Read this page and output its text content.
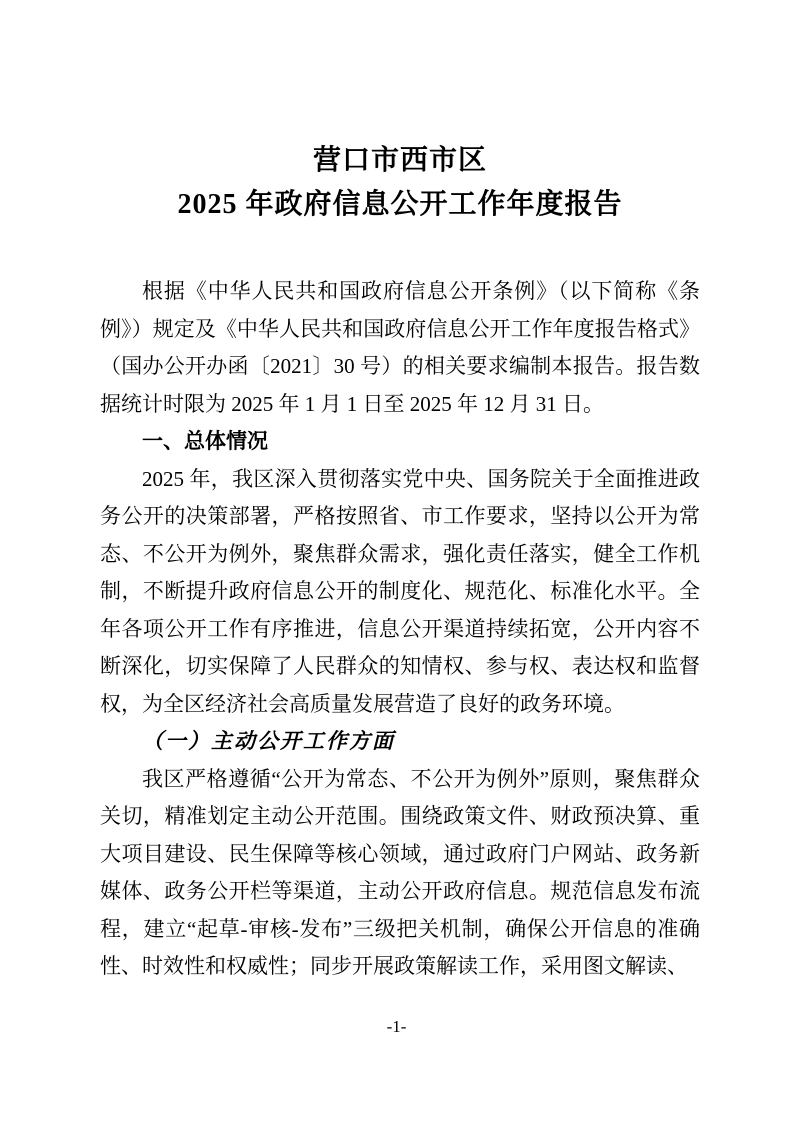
营口市西市区
2025 年政府信息公开工作年度报告

根据《中华人民共和国政府信息公开条例》（以下简称《条例》）规定及《中华人民共和国政府信息公开工作年度报告格式》（国办公开办函〔2021〕30 号）的相关要求编制本报告。报告数据统计时限为 2025 年 1 月 1 日至 2025 年 12 月 31 日。

一、总体情况

2025 年，我区深入贯彻落实党中央、国务院关于全面推进政务公开的决策部署，严格按照省、市工作要求，坚持以公开为常态、不公开为例外，聚焦群众需求，强化责任落实，健全工作机制，不断提升政府信息公开的制度化、规范化、标准化水平。全年各项公开工作有序推进，信息公开渠道持续拓宽，公开内容不断深化，切实保障了人民群众的知情权、参与权、表达权和监督权，为全区经济社会高质量发展营造了良好的政务环境。

（一）主动公开工作方面

我区严格遵循“公开为常态、不公开为例外”原则，聚焦群众关切，精准划定主动公开范围。围绕政策文件、财政预决算、重大项目建设、民生保障等核心领域，通过政府门户网站、政务新媒体、政务公开栏等渠道，主动公开政府信息。规范信息发布流程，建立“起草-审核-发布”三级把关机制，确保公开信息的准确性、时效性和权威性；同步开展政策解读工作，采用图文解读、

-1-
